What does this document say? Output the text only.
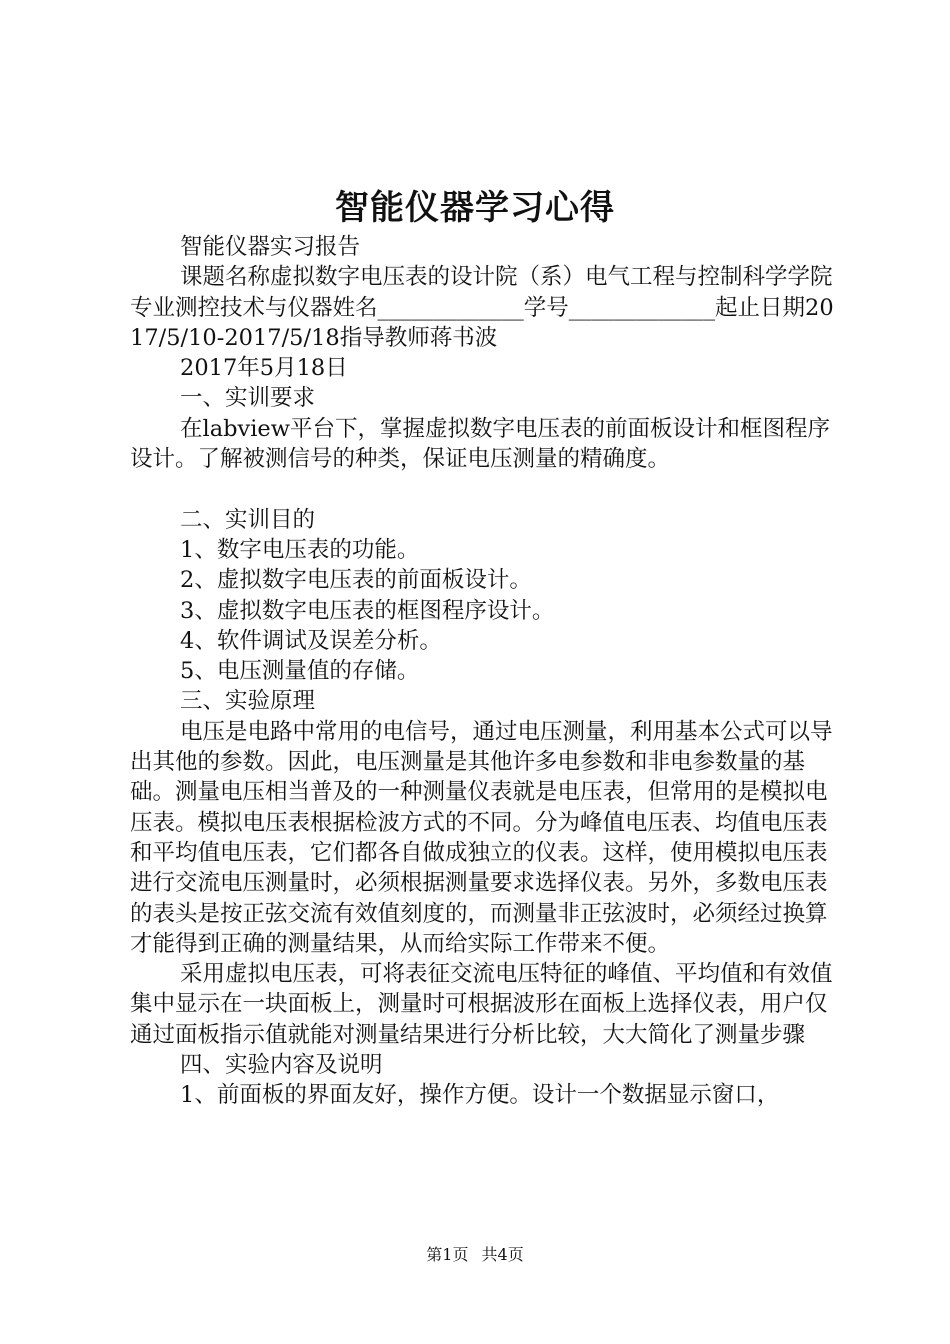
智能仪器学习心得

智能仪器实习报告

课题名称虚拟数字电压表的设计院（系）电气工程与控制科学学院专业测控技术与仪器姓名_____________学号_____________起止日期2017/5/10-2017/5/18指导教师蒋书波

2017年5月18日

一、实训要求

在labview平台下，掌握虚拟数字电压表的前面板设计和框图程序设计。了解被测信号的种类，保证电压测量的精确度。

二、实训目的

1、数字电压表的功能。

2、虚拟数字电压表的前面板设计。

3、虚拟数字电压表的框图程序设计。

4、软件调试及误差分析。

5、电压测量值的存储。

三、实验原理

电压是电路中常用的电信号，通过电压测量，利用基本公式可以导出其他的参数。因此，电压测量是其他许多电参数和非电参数量的基础。测量电压相当普及的一种测量仪表就是电压表，但常用的是模拟电压表。模拟电压表根据检波方式的不同。分为峰值电压表、均值电压表和平均值电压表，它们都各自做成独立的仪表。这样，使用模拟电压表进行交流电压测量时，必须根据测量要求选择仪表。另外，多数电压表的表头是按正弦交流有效值刻度的，而测量非正弦波时，必须经过换算才能得到正确的测量结果，从而给实际工作带来不便。

采用虚拟电压表，可将表征交流电压特征的峰值、平均值和有效值集中显示在一块面板上，测量时可根据波形在面板上选择仪表，用户仅通过面板指示值就能对测量结果进行分析比较，大大简化了测量步骤

四、实验内容及说明

1、前面板的界面友好，操作方便。设计一个数据显示窗口，

第1页 共4页
